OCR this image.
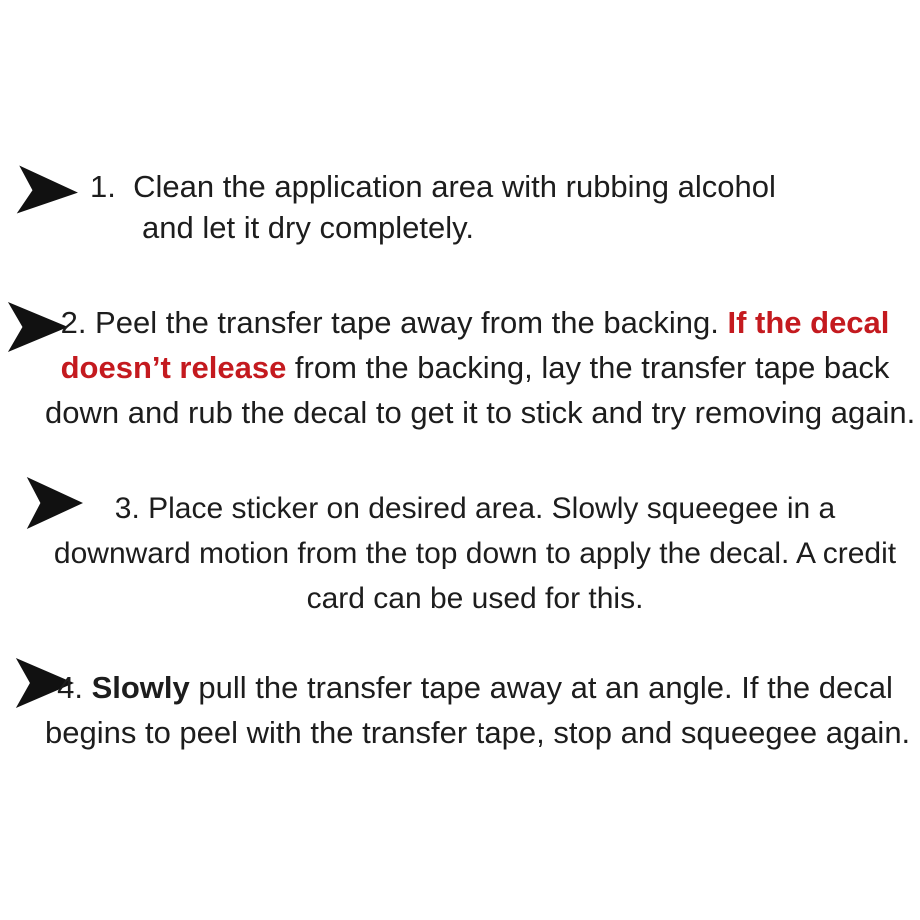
1.  Clean the application area with rubbing alcohol
and let it dry completely.
2. Peel the transfer tape away from the backing. If the decal
doesn’t release from the backing, lay the transfer tape back
down and rub the decal to get it to stick and try removing again.
3. Place sticker on desired area. Slowly squeegee in a
downward motion from the top down to apply the decal. A credit
card can be used for this.
4. Slowly pull the transfer tape away at an angle. If the decal
begins to peel with the transfer tape, stop and squeegee again.
